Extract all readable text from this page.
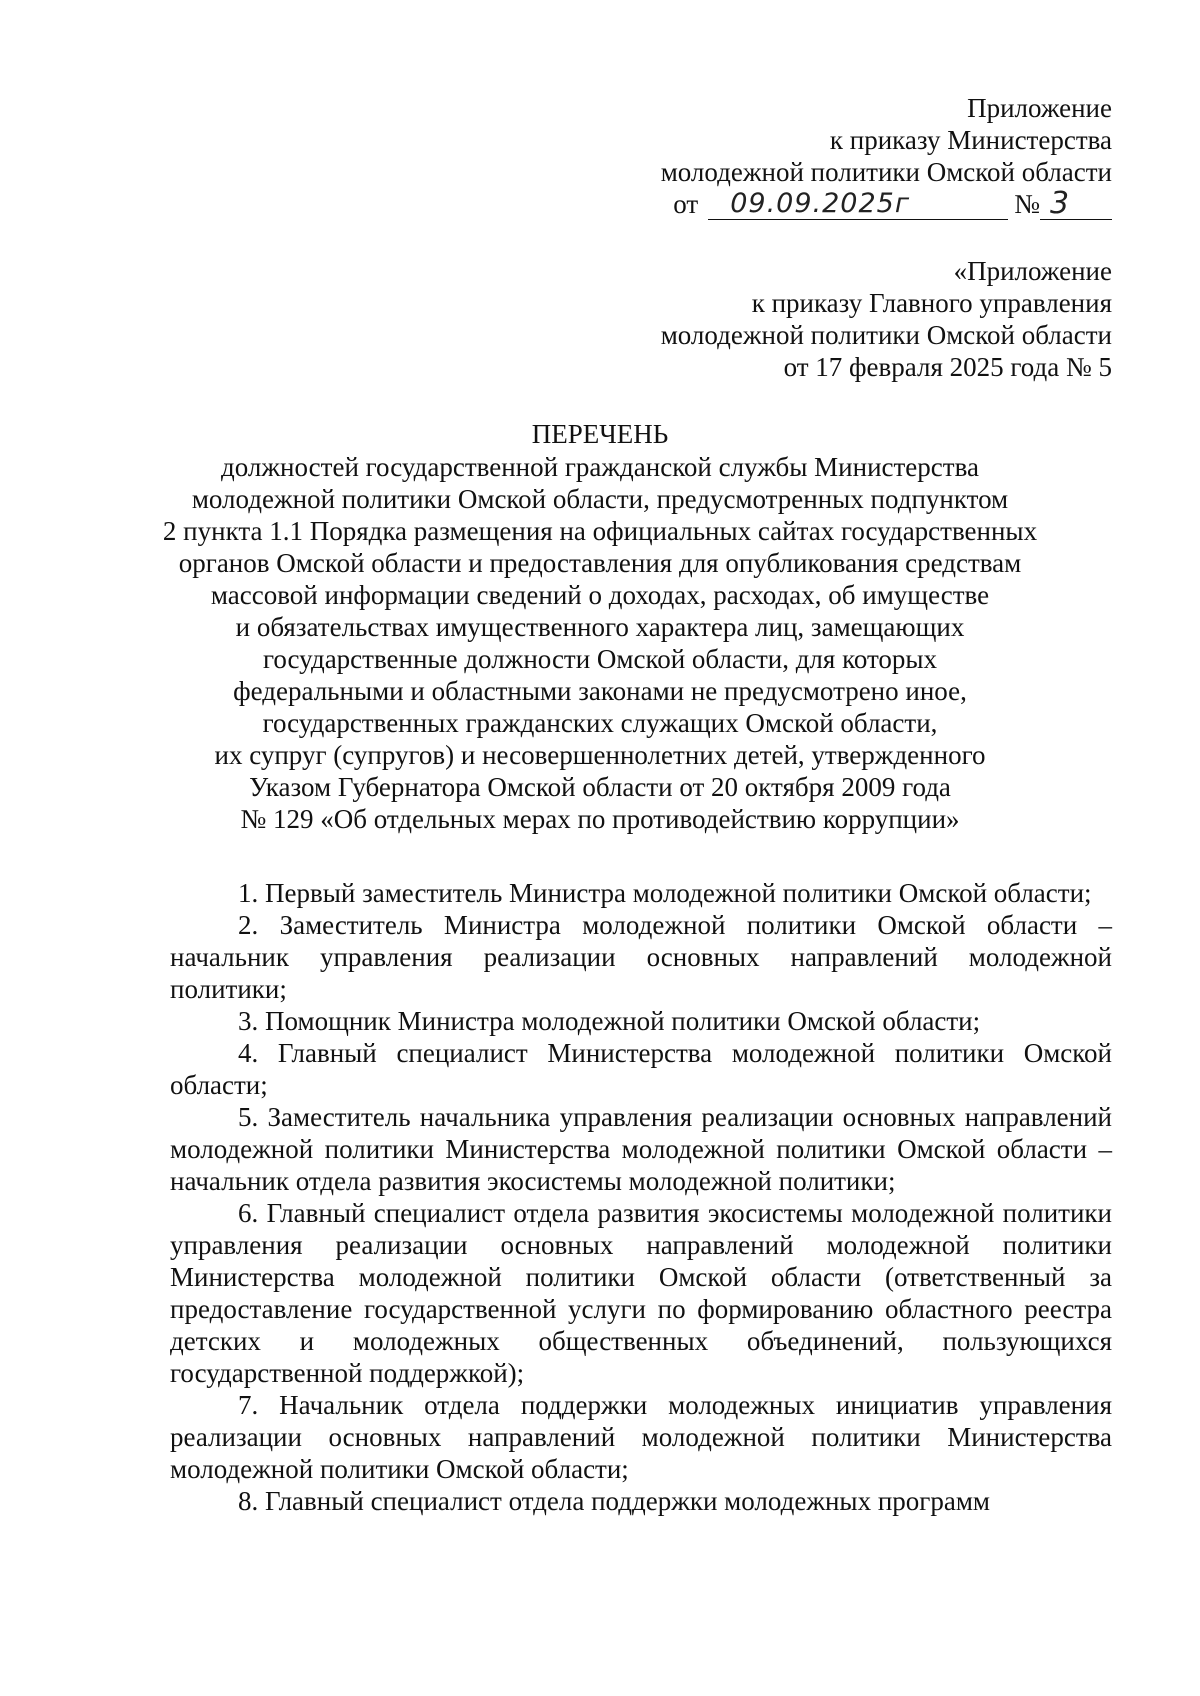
Приложение
к приказу Министерства
молодежной политики Омской области
от	09.09.2025г	№ 3
«Приложение
к приказу Главного управления
молодежной политики Омской области
от 17 февраля 2025 года № 5
ПЕРЕЧЕНЬ
должностей государственной гражданской службы Министерства
молодежной политики Омской области, предусмотренных подпунктом
2 пункта 1.1 Порядка размещения на официальных сайтах государственных
органов Омской области и предоставления для опубликования средствам
массовой информации сведений о доходах, расходах, об имуществе
и обязательствах имущественного характера лиц, замещающих
государственные должности Омской области, для которых
федеральными и областными законами не предусмотрено иное,
государственных гражданских служащих Омской области,
их супруг (супругов) и несовершеннолетних детей, утвержденного
Указом Губернатора Омской области от 20 октября 2009 года
№ 129 «Об отдельных мерах по противодействию коррупции»

1. Первый заместитель Министра молодежной политики Омской области;

2. Заместитель Министра молодежной политики Омской области – начальник управления реализации основных направлений молодежной политики;

3. Помощник Министра молодежной политики Омской области;

4. Главный специалист Министерства молодежной политики Омской области;

5. Заместитель начальника управления реализации основных направлений молодежной политики Министерства молодежной политики Омской области – начальник отдела развития экосистемы молодежной политики;

6. Главный специалист отдела развития экосистемы молодежной политики управления реализации основных направлений молодежной политики Министерства молодежной политики Омской области (ответственный за предоставление государственной услуги по формированию областного реестра детских и молодежных общественных объединений, пользующихся государственной поддержкой);

7. Начальник отдела поддержки молодежных инициатив управления реализации основных направлений молодежной политики Министерства молодежной политики Омской области;

8. Главный специалист отдела поддержки молодежных программ
